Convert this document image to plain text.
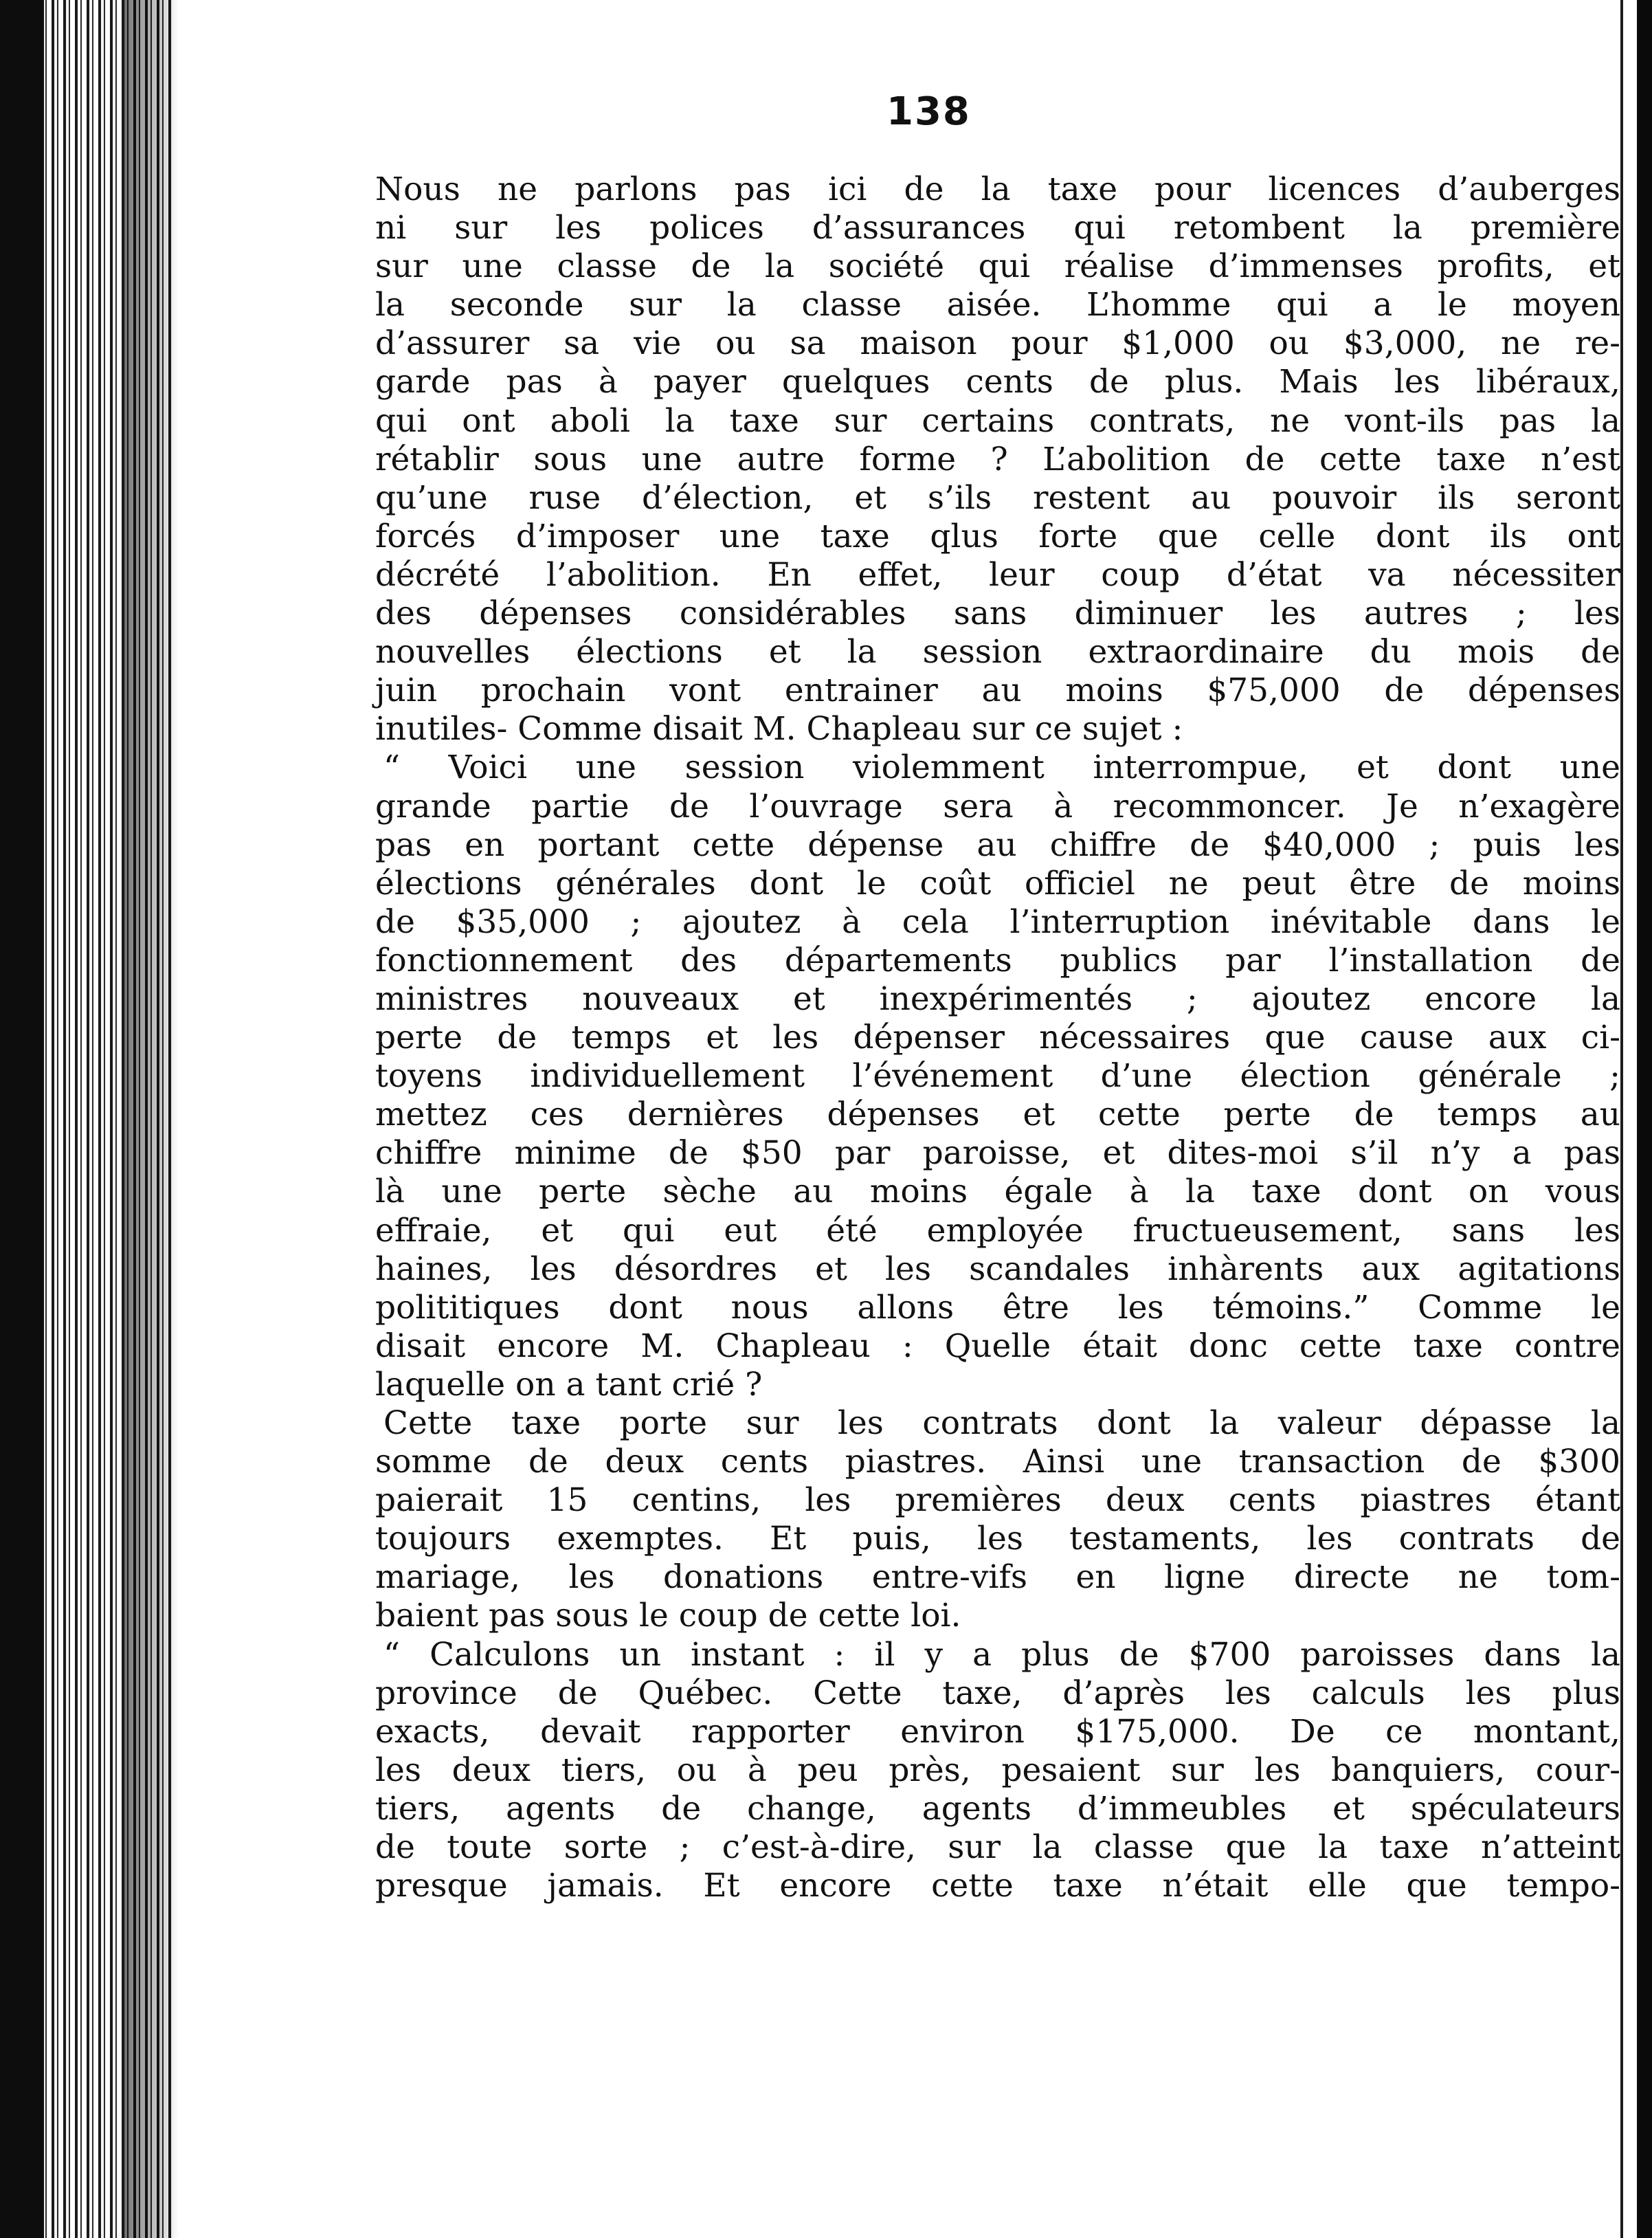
138
Nous ne parlons pas ici de la taxe pour licences d’auberges
ni sur les polices d’assurances qui retombent la première
sur une classe de la société qui réalise d’immenses profits, et
la seconde sur la classe aisée. L’homme qui a le moyen
d’assurer sa vie ou sa maison pour $1,000 ou $3,000, ne re-
garde pas à payer quelques cents de plus. Mais les libéraux,
qui ont aboli la taxe sur certains contrats, ne vont-ils pas la
rétablir sous une autre forme ? L’abolition de cette taxe n’est
qu’une ruse d’élection, et s’ils restent au pouvoir ils seront
forcés d’imposer une taxe qlus forte que celle dont ils ont
décrété l’abolition. En effet, leur coup d’état va nécessiter
des dépenses considérables sans diminuer les autres ; les
nouvelles élections et la session extraordinaire du mois de
juin prochain vont entrainer au moins $75,000 de dépenses
inutiles- Comme disait M. Chapleau sur ce sujet :
“ Voici une session violemment interrompue, et dont une
grande partie de l’ouvrage sera à recommoncer. Je n’exagère
pas en portant cette dépense au chiffre de $40,000 ; puis les
élections générales dont le coût officiel ne peut être de moins
de $35,000 ; ajoutez à cela l’interruption inévitable dans le
fonctionnement des départements publics par l’installation de
ministres nouveaux et inexpérimentés ; ajoutez encore la
perte de temps et les dépenser nécessaires que cause aux ci-
toyens individuellement l’événement d’une élection générale ;
mettez ces dernières dépenses et cette perte de temps au
chiffre minime de $50 par paroisse, et dites-moi s’il n’y a pas
là une perte sèche au moins égale à la taxe dont on vous
effraie, et qui eut été employée fructueusement, sans les
haines, les désordres et les scandales inhàrents aux agitations
polititiques dont nous allons être les témoins.” Comme le
disait encore M. Chapleau : Quelle était donc cette taxe contre
laquelle on a tant crié ?
Cette taxe porte sur les contrats dont la valeur dépasse la
somme de deux cents piastres. Ainsi une transaction de $300
paierait 15 centins, les premières deux cents piastres étant
toujours exemptes. Et puis, les testaments, les contrats de
mariage, les donations entre-vifs en ligne directe ne tom-
baient pas sous le coup de cette loi.
“ Calculons un instant : il y a plus de $700 paroisses dans la
province de Québec. Cette taxe, d’après les calculs les plus
exacts, devait rapporter environ $175,000. De ce montant,
les deux tiers, ou à peu près, pesaient sur les banquiers, cour-
tiers, agents de change, agents d’immeubles et spéculateurs
de toute sorte ; c’est-à-dire, sur la classe que la taxe n’atteint
presque jamais. Et encore cette taxe n’était elle que tempo-
